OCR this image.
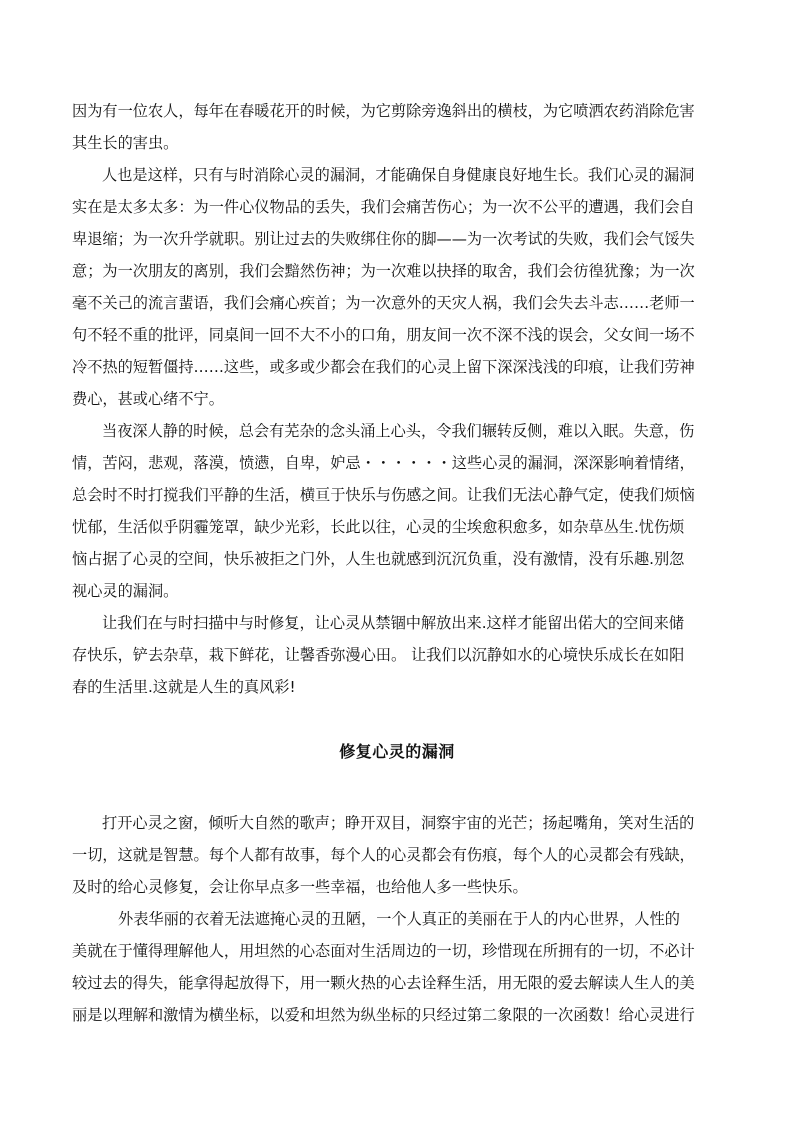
因为有一位农人，每年在春暖花开的时候，为它剪除旁逸斜出的横枝，为它喷洒农药消除危害
其生长的害虫。
人也是这样，只有与时消除心灵的漏洞，才能确保自身健康良好地生长。我们心灵的漏洞
实在是太多太多：为一件心仪物品的丢失，我们会痛苦伤心；为一次不公平的遭遇，我们会自
卑退缩；为一次升学就职。别让过去的失败绑住你的脚——为一次考试的失败，我们会气馁失
意；为一次朋友的离别，我们会黯然伤神；为一次难以抉择的取舍，我们会彷徨犹豫；为一次
毫不关己的流言蜚语，我们会痛心疾首；为一次意外的天灾人祸，我们会失去斗志……老师一
句不轻不重的批评，同桌间一回不大不小的口角，朋友间一次不深不浅的误会，父女间一场不
冷不热的短暂僵持……这些，或多或少都会在我们的心灵上留下深深浅浅的印痕，让我们劳神
费心，甚或心绪不宁。
当夜深人静的时候，总会有芜杂的念头涌上心头，令我们辗转反侧，难以入眠。失意，伤
情，苦闷，悲观，落漠，愤懑，自卑，妒忌・・・・・・这些心灵的漏洞，深深影响着情绪，
总会时不时打搅我们平静的生活，横亘于快乐与伤感之间。让我们无法心静气定，使我们烦恼
忧郁，生活似乎阴霾笼罩，缺少光彩，长此以往，心灵的尘埃愈积愈多，如杂草丛生.忧伤烦
恼占据了心灵的空间，快乐被拒之门外，人生也就感到沉沉负重，没有激情，没有乐趣.别忽
视心灵的漏洞。
让我们在与时扫描中与时修复，让心灵从禁锢中解放出来.这样才能留出偌大的空间来储
存快乐，铲去杂草，栽下鲜花，让馨香弥漫心田。 让我们以沉静如水的心境快乐成长在如阳
春的生活里.这就是人生的真风彩!
修复心灵的漏洞
打开心灵之窗，倾听大自然的歌声；睁开双目，洞察宇宙的光芒；扬起嘴角，笑对生活的
一切，这就是智慧。每个人都有故事，每个人的心灵都会有伤痕，每个人的心灵都会有残缺，
及时的给心灵修复，会让你早点多一些幸福，也给他人多一些快乐。
外表华丽的衣着无法遮掩心灵的丑陋，一个人真正的美丽在于人的内心世界，人性的
美就在于懂得理解他人，用坦然的心态面对生活周边的一切，珍惜现在所拥有的一切，不必计
较过去的得失，能拿得起放得下，用一颗火热的心去诠释生活，用无限的爱去解读人生人的美
丽是以理解和激情为横坐标，以爱和坦然为纵坐标的只经过第二象限的一次函数！给心灵进行
